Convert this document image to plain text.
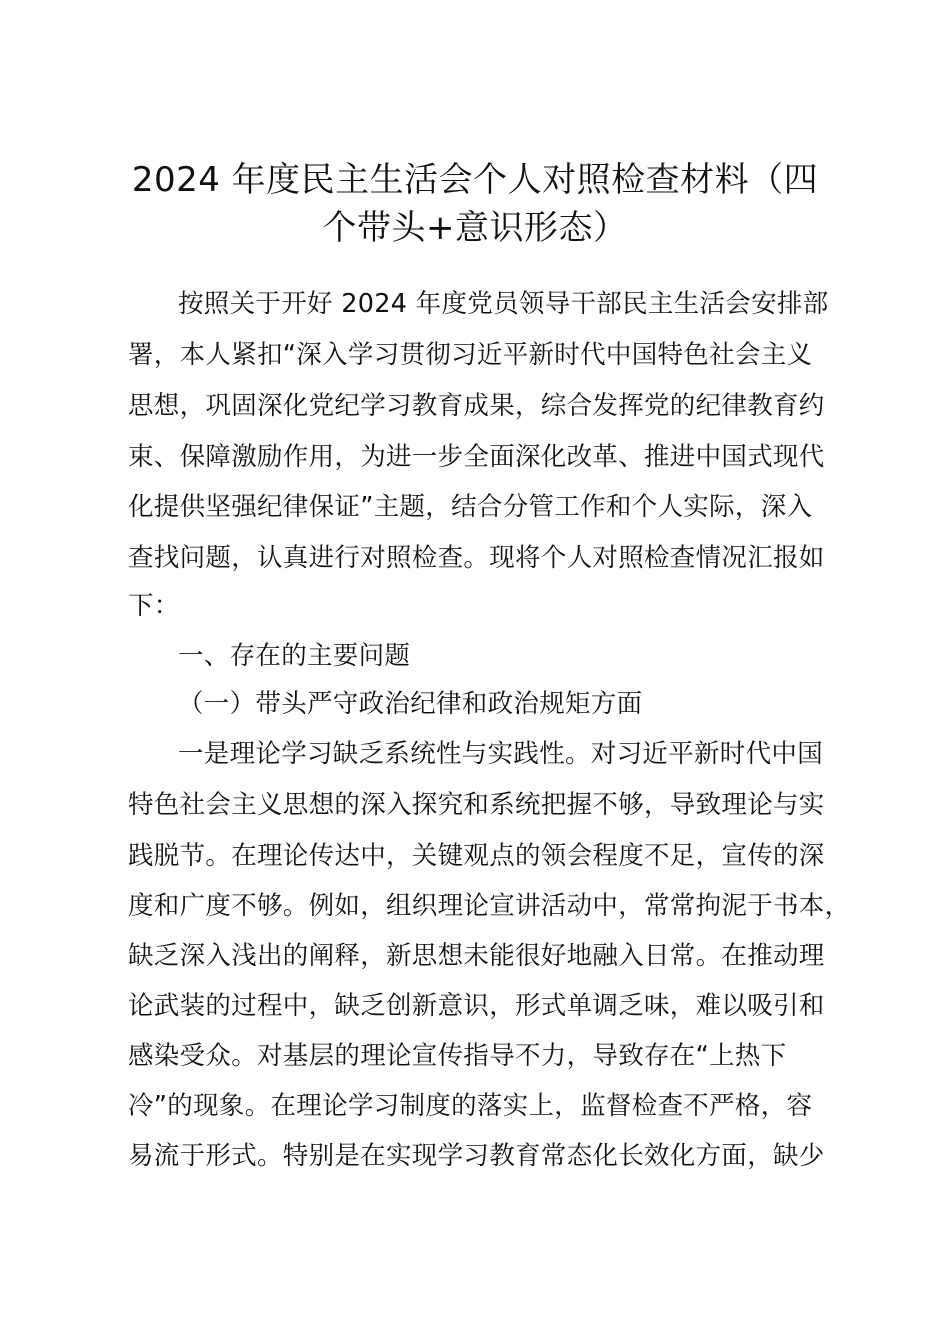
2024 年度民主生活会个人对照检查材料（四
个带头+意识形态）
按照关于开好 2024 年度党员领导干部民主生活会安排部
署，本人紧扣“深入学习贯彻习近平新时代中国特色社会主义
思想，巩固深化党纪学习教育成果，综合发挥党的纪律教育约
束、保障激励作用，为进一步全面深化改革、推进中国式现代
化提供坚强纪律保证”主题，结合分管工作和个人实际，深入
查找问题，认真进行对照检查。现将个人对照检查情况汇报如
下：
一、存在的主要问题
（一）带头严守政治纪律和政治规矩方面
一是理论学习缺乏系统性与实践性。对习近平新时代中国
特色社会主义思想的深入探究和系统把握不够，导致理论与实
践脱节。在理论传达中，关键观点的领会程度不足，宣传的深
度和广度不够。例如，组织理论宣讲活动中，常常拘泥于书本，
缺乏深入浅出的阐释，新思想未能很好地融入日常。在推动理
论武装的过程中，缺乏创新意识，形式单调乏味，难以吸引和
感染受众。对基层的理论宣传指导不力，导致存在“上热下
冷”的现象。在理论学习制度的落实上，监督检查不严格，容
易流于形式。特别是在实现学习教育常态化长效化方面，缺少
